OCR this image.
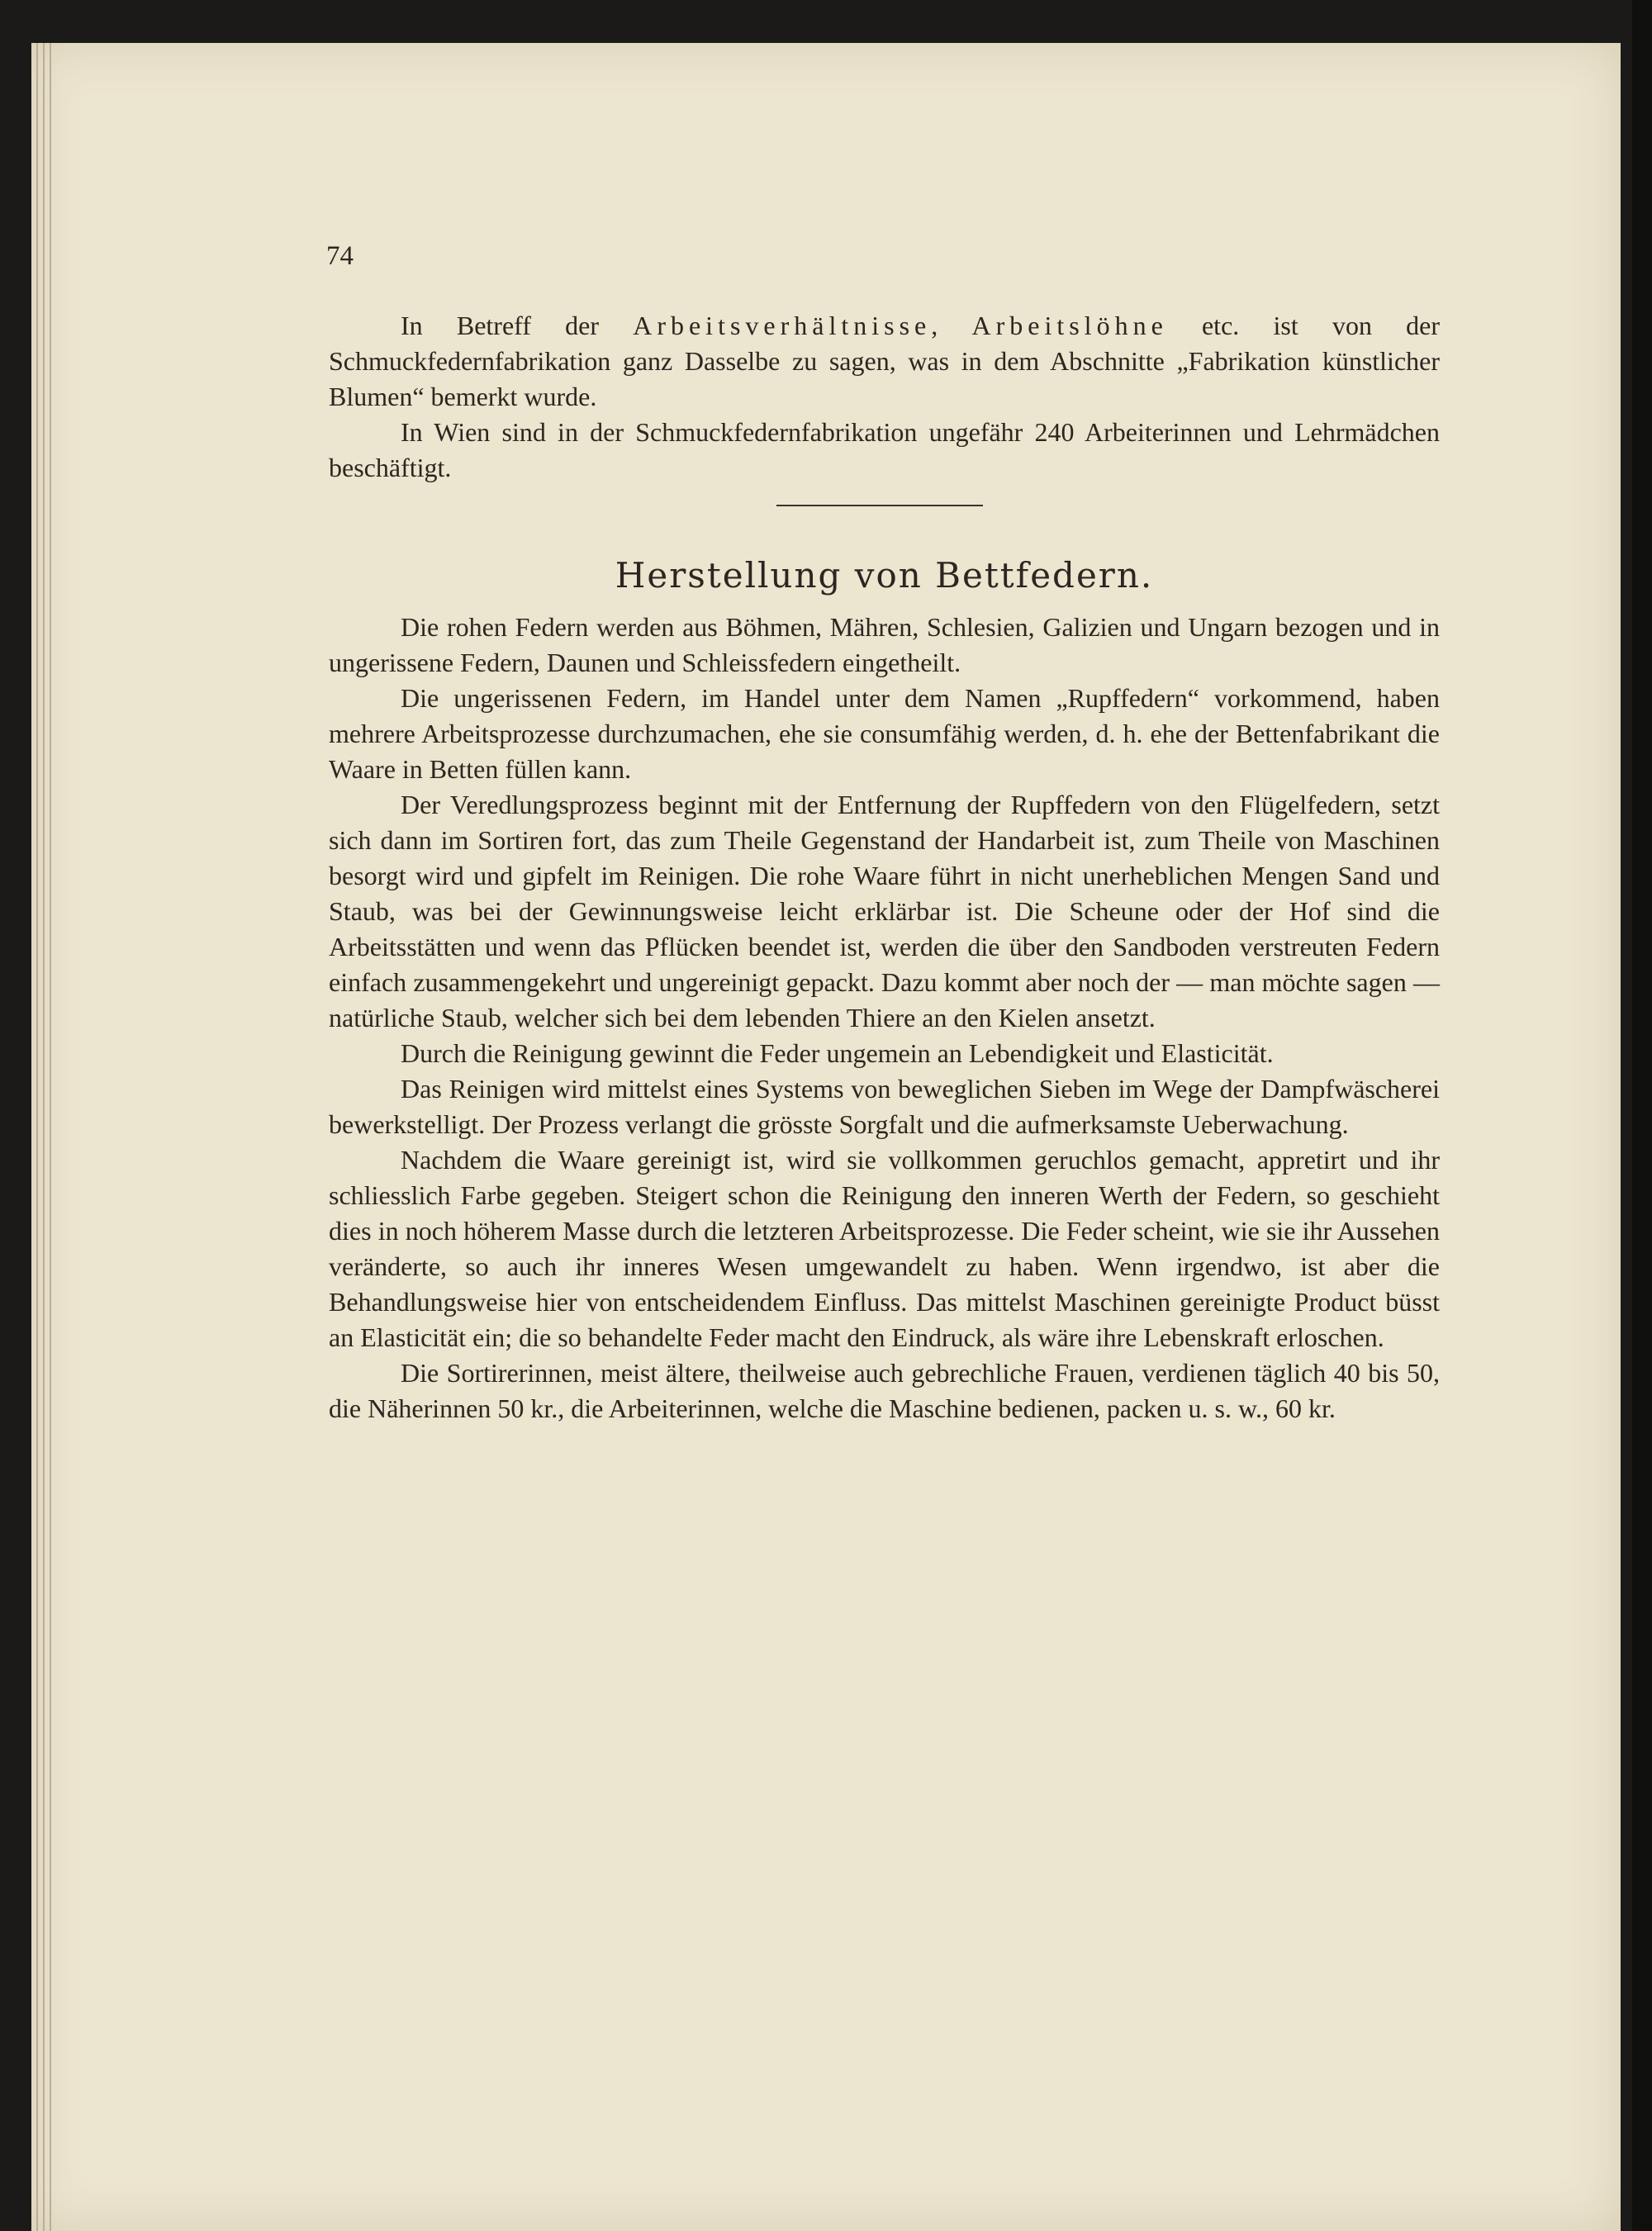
74

In Betreff der Arbeitsverhältnisse, Arbeitslöhne etc. ist von der Schmuckfedernfabrikation ganz Dasselbe zu sagen, was in dem Abschnitte „Fabrikation künstlicher Blumen“ bemerkt wurde.

In Wien sind in der Schmuckfedernfabrikation ungefähr 240 Arbeiterinnen und Lehrmädchen beschäftigt.

Herstellung von Bettfedern.

Die rohen Federn werden aus Böhmen, Mähren, Schlesien, Galizien und Ungarn bezogen und in ungerissene Federn, Daunen und Schleissfedern eingetheilt.

Die ungerissenen Federn, im Handel unter dem Namen „Rupffedern“ vorkommend, haben mehrere Arbeitsprozesse durchzumachen, ehe sie consumfähig werden, d. h. ehe der Bettenfabrikant die Waare in Betten füllen kann.

Der Veredlungsprozess beginnt mit der Entfernung der Rupffedern von den Flügelfedern, setzt sich dann im Sortiren fort, das zum Theile Gegenstand der Handarbeit ist, zum Theile von Maschinen besorgt wird und gipfelt im Reinigen. Die rohe Waare führt in nicht unerheblichen Mengen Sand und Staub, was bei der Gewinnungsweise leicht erklärbar ist. Die Scheune oder der Hof sind die Arbeitsstätten und wenn das Pflücken beendet ist, werden die über den Sandboden verstreuten Federn einfach zusammengekehrt und ungereinigt gepackt. Dazu kommt aber noch der — man möchte sagen — natürliche Staub, welcher sich bei dem lebenden Thiere an den Kielen ansetzt.

Durch die Reinigung gewinnt die Feder ungemein an Lebendigkeit und Elasticität.

Das Reinigen wird mittelst eines Systems von beweglichen Sieben im Wege der Dampfwäscherei bewerkstelligt. Der Prozess verlangt die grösste Sorgfalt und die aufmerksamste Ueberwachung.

Nachdem die Waare gereinigt ist, wird sie vollkommen geruchlos gemacht, appretirt und ihr schliesslich Farbe gegeben. Steigert schon die Reinigung den inneren Werth der Federn, so geschieht dies in noch höherem Masse durch die letzteren Arbeitsprozesse. Die Feder scheint, wie sie ihr Aussehen veränderte, so auch ihr inneres Wesen umgewandelt zu haben. Wenn irgendwo, ist aber die Behandlungsweise hier von entscheidendem Einfluss. Das mittelst Maschinen gereinigte Product büsst an Elasticität ein; die so behandelte Feder macht den Eindruck, als wäre ihre Lebenskraft erloschen.

Die Sortirerinnen, meist ältere, theilweise auch gebrechliche Frauen, verdienen täglich 40 bis 50, die Näherinnen 50 kr., die Arbeiterinnen, welche die Maschine bedienen, packen u. s. w., 60 kr.
